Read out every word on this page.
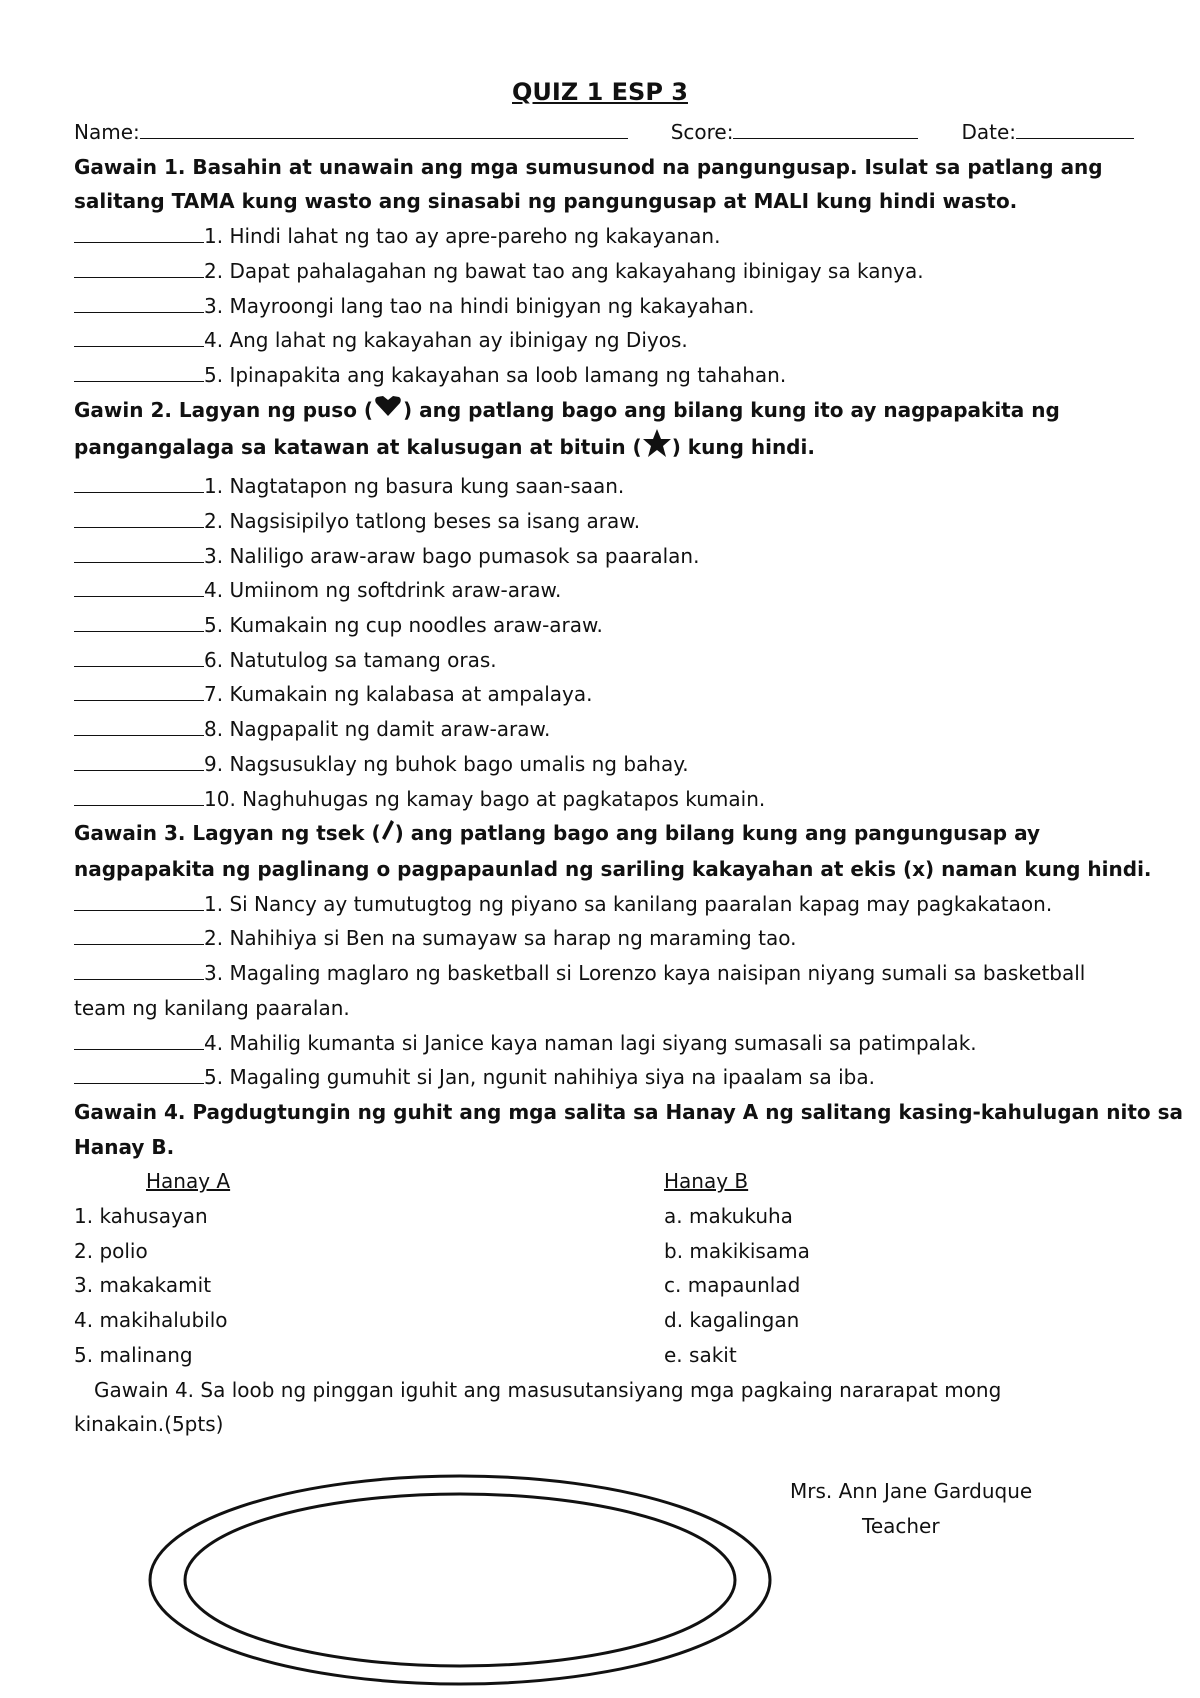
QUIZ 1 ESP 3
Name:	Score:	Date:
Gawain 1. Basahin at unawain ang mga sumusunod na pangungusap. Isulat sa patlang ang
salitang TAMA kung wasto ang sinasabi ng pangungusap at MALI kung hindi wasto.
1. Hindi lahat ng tao ay apre-pareho ng kakayanan.
2. Dapat pahalagahan ng bawat tao ang kakayahang ibinigay sa kanya.
3. Mayroongi lang tao na hindi binigyan ng kakayahan.
4. Ang lahat ng kakayahan ay ibinigay ng Diyos.
5. Ipinapakita ang kakayahan sa loob lamang ng tahahan.
Gawin 2. Lagyan ng puso ( ) ang patlang bago ang bilang kung ito ay nagpapakita ng
pangangalaga sa katawan at kalusugan at bituin ( ) kung hindi.
1. Nagtatapon ng basura kung saan-saan.
2. Nagsisipilyo tatlong beses sa isang araw.
3. Naliligo araw-araw bago pumasok sa paaralan.
4. Umiinom ng softdrink araw-araw.
5. Kumakain ng cup noodles araw-araw.
6. Natutulog sa tamang oras.
7. Kumakain ng kalabasa at ampalaya.
8. Nagpapalit ng damit araw-araw.
9. Nagsusuklay ng buhok bago umalis ng bahay.
10. Naghuhugas ng kamay bago at pagkatapos kumain.
Gawain 3. Lagyan ng tsek ( ) ang patlang bago ang bilang kung ang pangungusap ay
nagpapakita ng paglinang o pagpapaunlad ng sariling kakayahan at ekis (x) naman kung hindi.
1. Si Nancy ay tumutugtog ng piyano sa kanilang paaralan kapag may pagkakataon.
2. Nahihiya si Ben na sumayaw sa harap ng maraming tao.
3. Magaling maglaro ng basketball si Lorenzo kaya naisipan niyang sumali sa basketball
team ng kanilang paaralan.
4. Mahilig kumanta si Janice kaya naman lagi siyang sumasali sa patimpalak.
5. Magaling gumuhit si Jan, ngunit nahihiya siya na ipaalam sa iba.
Gawain 4. Pagdugtungin ng guhit ang mga salita sa Hanay A ng salitang kasing-kahulugan nito sa
Hanay B.
Hanay A
1. kahusayan
2. polio
3. makakamit
4. makihalubilo
5. malinang
Hanay B
a. makukuha
b. makikisama
c. mapaunlad
d. kagalingan
e. sakit
Gawain 4. Sa loob ng pinggan iguhit ang masusutansiyang mga pagkaing nararapat mong
kinakain.(5pts)
Mrs. Ann Jane Garduque
Teacher
